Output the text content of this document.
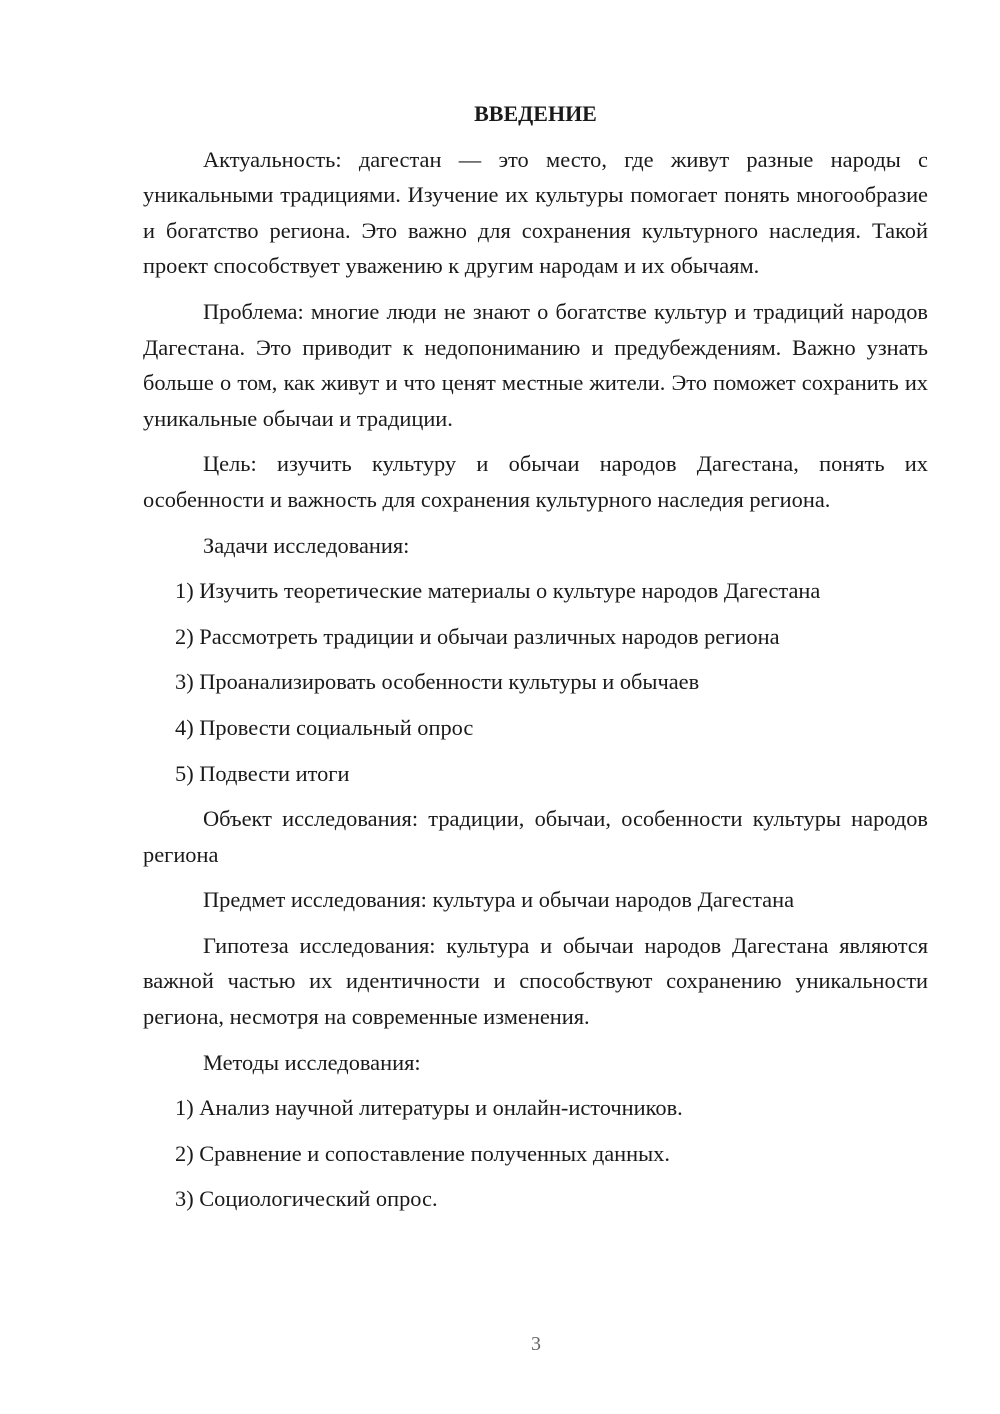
ВВЕДЕНИЕ

Актуальность: дагестан — это место, где живут разные народы с уникальными традициями. Изучение их культуры помогает понять многообразие и богатство региона. Это важно для сохранения культурного наследия. Такой проект способствует уважению к другим народам и их обычаям.

Проблема: многие люди не знают о богатстве культур и традиций народов Дагестана. Это приводит к недопониманию и предубеждениям. Важно узнать больше о том, как живут и что ценят местные жители. Это поможет сохранить их уникальные обычаи и традиции.

Цель: изучить культуру и обычаи народов Дагестана, понять их особенности и важность для сохранения культурного наследия региона.

Задачи исследования:

1) Изучить теоретические материалы о культуре народов Дагестана
2) Рассмотреть традиции и обычаи различных народов региона
3) Проанализировать особенности культуры и обычаев
4) Провести социальный опрос
5) Подвести итоги

Объект исследования: традиции, обычаи, особенности культуры народов региона

Предмет исследования: культура и обычаи народов Дагестана

Гипотеза исследования: культура и обычаи народов Дагестана являются важной частью их идентичности и способствуют сохранению уникальности региона, несмотря на современные изменения.

Методы исследования:

1) Анализ научной литературы и онлайн-источников.
2) Сравнение и сопоставление полученных данных.
3) Социологический опрос.
3
